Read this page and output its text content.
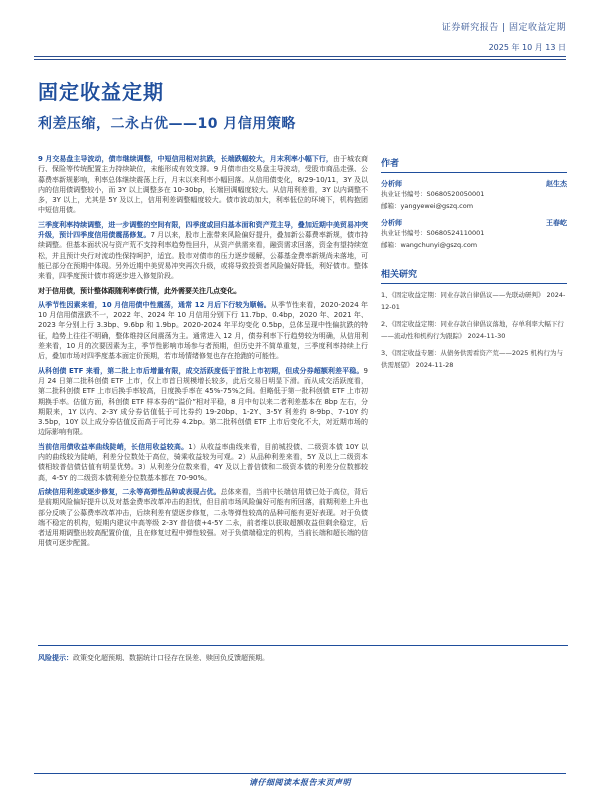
证券研究报告 | 固定收益定期
2025 年 10 月 13 日
固定收益定期
利差压缩，二永占优——10 月信用策略

9 月交易盘主导波动，债市继续调整，中短信用相对抗跌，长端跌幅较大，月末利率小幅下行，由于城农商行、保险等传统配置主力持续缺位，未能形成有效支撑。9 月债市由交易盘主导波动，受股市商品走强、公募费率新规影响，利率总体继续震荡上行，月末以来利率小幅回落。从信用债变化，8/29-10/11，3Y 及以内的信用债调整较小，而 3Y 以上调整多在 10-30bp，长端回调幅度较大。从信用利差看，3Y 以内调整不多，3Y 以上，尤其是 5Y 及以上，信用利差调整幅度较大。债市波动加大，利率低位的环境下，机构抱团中短信用债。

三季度利率持续调整，进一步调整的空间有限，四季度或回归基本面和资产荒主导，叠加近期中美贸易冲突升级，预计四季度信用债震荡修复。7 月以来，股市上涨带来风险偏好提升，叠加新公募费率新规，债市持续调整。但基本面状况与资产荒不支持利率趋势性回升，从资产供需来看，融资需求回落，资金有望持续宽松，并且预计央行对流动性保持呵护，适宜。股市对债市的压力逐步缓解，公募基金费率新规尚未落地，可能已部分在预期中体现。另外近期中美贸易冲突再次升级，或将导致投资者风险偏好降低，利好债市。整体来看，四季度预计债市将逐步进入修复阶段。

对于信用债，预计整体跟随利率债行情，此外需要关注几点变化。

从季节性因素来看，10 月信用债中性震荡，通常 12 月后下行较为顺畅。从季节性来看，2020-2024 年 10 月信用债涨跌不一，2022 年、2024 年 10 月信用分别下行 11.7bp、0.4bp，2020 年、2021 年、2023 年分别上行 3.3bp、9.6bp 和 1.9bp。2020-2024 年平均变化 0.5bp，总体呈现中性偏抗跌的特征，趋势上往往不明确，整体维持区间震荡为主。通常进入 12 月，债券利率下行趋势较为明确，从信用利差来看，10 月的次要因素为主，季节性影响市场参与者预期，但历史并不简单重复，三季度利率持续上行后，叠加市场对四季度基本面定价预期，若市场情绪修复也存在抢跑的可能性。

从科创债 ETF 来看，第二批上市后增量有限，成交活跃度低于首批上市初期，但成分券超额利差平稳。9 月 24 日第二批科创债 ETF 上市，仅上市首日规模增长较多，此后交易日明显下滑。而从成交活跃度看，第二批科创债 ETF 上市后换手率较高，日度换手率在 45%-75%之间。但略低于第一批科创债 ETF 上市初期换手率。估值方面，科创债 ETF 样本券的“溢价”相对平稳，8 月中旬以来二者利差基本在 8bp 左右，分期限来，1Y 以内、2-3Y 成分券估值低于可比券约 19-20bp、1-2Y、3-5Y 利差约 8-9bp、7-10Y 约 3.5bp，10Y 以上成分券估值反而高于可比券 4.2bp。第二批科创债 ETF 上市后变化不大，对近期市场的边际影响有限。

当前信用债收益率曲线陡峭，长信用收益较高。1）从收益率曲线来看，目前城投债、二级资本债 10Y 以内的曲线较为陡峭，利差分位数处于高位，骑乘收益较为可观。2）从品种利差来看，5Y 及以上二级资本债相较普信债估值有明显优势。3）从利差分位数来看，4Y 及以上普信债和二级资本债的利差分位数都较高，4-5Y 的二级资本债利差分位数基本都在 70-90%。

后续信用利差或逐步修复，二永等高弹性品种或表现占优。总体来看，当前中长端信用债已处于高位，背后是前期风险偏好提升以及对基金费率改革冲击的担忧，但目前市场风险偏好可能有所回落，前期利差上升也部分反映了公募费率改革冲击，后续利差有望逐步修复，二永等弹性较高的品种可能有更好表现。对于负债端不稳定的机构，短期内建议中高等级 2-3Y 普信债+4-5Y 二永，前者维以获取超额收益但剩余稳定，后者适用期调整出较高配置价值，且在修复过程中弹性较强。对于负债端稳定的机构，当前长端和超长端的信用债可逐步配置。

作者
分析师	赵生杰
执业证书编号：S0680520050001
邮箱：yangyewei@gszq.com
分析师	王春屹
执业证书编号：S0680524110001
邮箱：wangchunyi@gszq.com
相关研究
1、《固定收益定期：同业存款自律倡议——先联动研判》 2024-12-01
2、《固定收益定期：同业存款自律倡议落地，存单利率大幅下行——流动性和机构行为跟踪》 2024-11-30
3、《固定收益专题：从债务供需看资产荒——2025 机构行为与供需展望》 2024-11-28
风险提示：政策变化超预期、数据统计口径存在误差、赎回负反馈超预期。
请仔细阅读本报告末页声明
